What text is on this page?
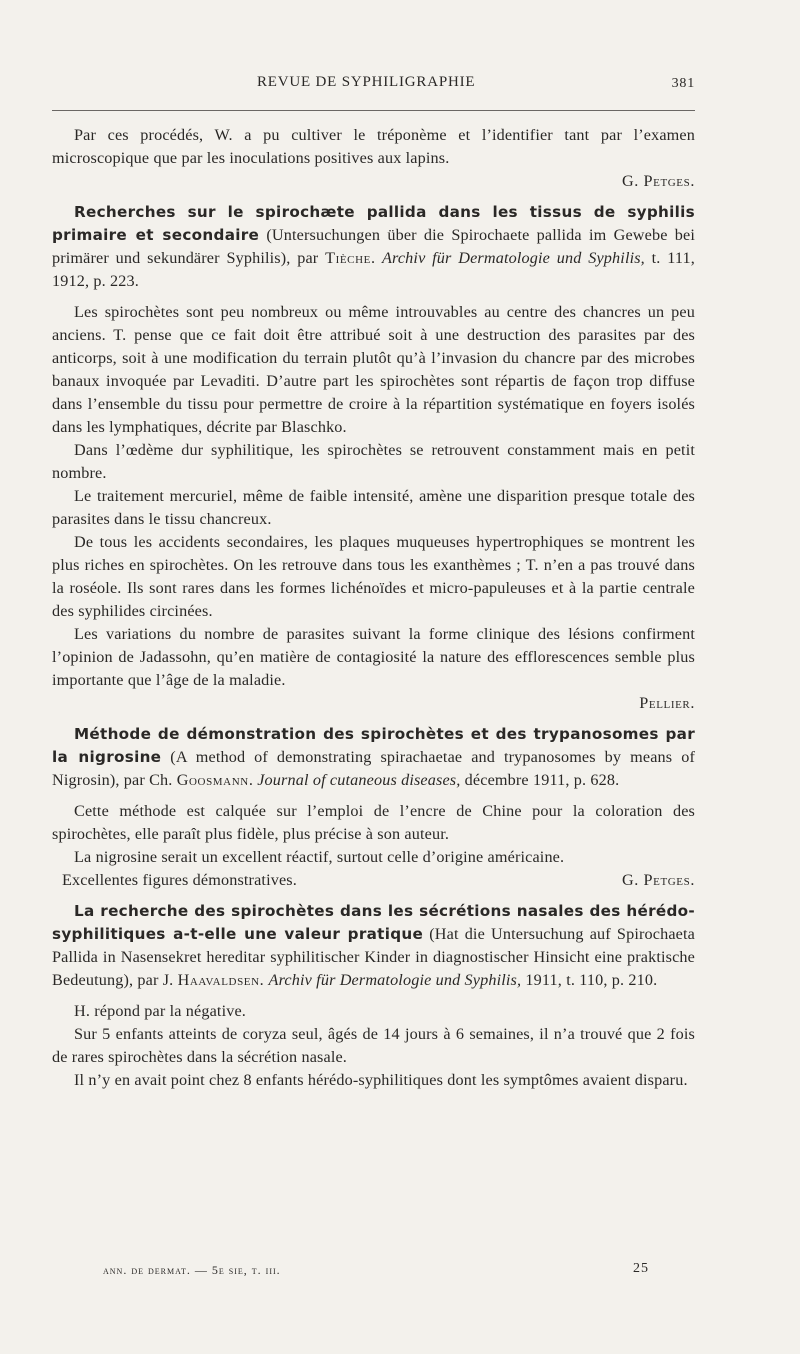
REVUE DE SYPHILIGRAPHIE	381

Par ces procédés, W. a pu cultiver le tréponème et l’identifier tant par l’examen microscopique que par les inoculations positives aux lapins.

G. Petges.

Recherches sur le spirochæte pallida dans les tissus de syphilis primaire et secondaire (Untersuchungen über die Spirochaete pallida im Gewebe bei primärer und sekundärer Syphilis), par Tièche. Archiv für Dermatologie und Syphilis, t. 111, 1912, p. 223.

Les spirochètes sont peu nombreux ou même introuvables au centre des chancres un peu anciens. T. pense que ce fait doit être attribué soit à une destruction des parasites par des anticorps, soit à une modification du terrain plutôt qu’à l’invasion du chancre par des microbes banaux invoquée par Levaditi. D’autre part les spirochètes sont répartis de façon trop diffuse dans l’ensemble du tissu pour permettre de croire à la répartition systématique en foyers isolés dans les lymphatiques, décrite par Blaschko.

Dans l’œdème dur syphilitique, les spirochètes se retrouvent constamment mais en petit nombre.

Le traitement mercuriel, même de faible intensité, amène une disparition presque totale des parasites dans le tissu chancreux.

De tous les accidents secondaires, les plaques muqueuses hypertrophiques se montrent les plus riches en spirochètes. On les retrouve dans tous les exanthèmes ; T. n’en a pas trouvé dans la roséole. Ils sont rares dans les formes lichénoïdes et micro-papuleuses et à la partie centrale des syphilides circinées.

Les variations du nombre de parasites suivant la forme clinique des lésions confirment l’opinion de Jadassohn, qu’en matière de contagiosité la nature des efflorescences semble plus importante que l’âge de la maladie.

Pellier.

Méthode de démonstration des spirochètes et des trypanosomes par la nigrosine (A method of demonstrating spirachaetae and trypanosomes by means of Nigrosin), par Ch. Goosmann. Journal of cutaneous diseases, décembre 1911, p. 628.

Cette méthode est calquée sur l’emploi de l’encre de Chine pour la coloration des spirochètes, elle paraît plus fidèle, plus précise à son auteur.

La nigrosine serait un excellent réactif, surtout celle d’origine américaine.

Excellentes figures démonstratives.	G. Petges.

La recherche des spirochètes dans les sécrétions nasales des hérédo-syphilitiques a-t-elle une valeur pratique (Hat die Untersuchung auf Spirochaeta Pallida in Nasensekret hereditar syphilitischer Kinder in diagnostischer Hinsicht eine praktische Bedeutung), par J. Haavaldsen. Archiv für Dermatologie und Syphilis, 1911, t. 110, p. 210.

H. répond par la négative.

Sur 5 enfants atteints de coryza seul, âgés de 14 jours à 6 semaines, il n’a trouvé que 2 fois de rares spirochètes dans la sécrétion nasale.

Il n’y en avait point chez 8 enfants hérédo-syphilitiques dont les symptômes avaient disparu.

ann. de dermat. — 5e sie, t. iii.	25
